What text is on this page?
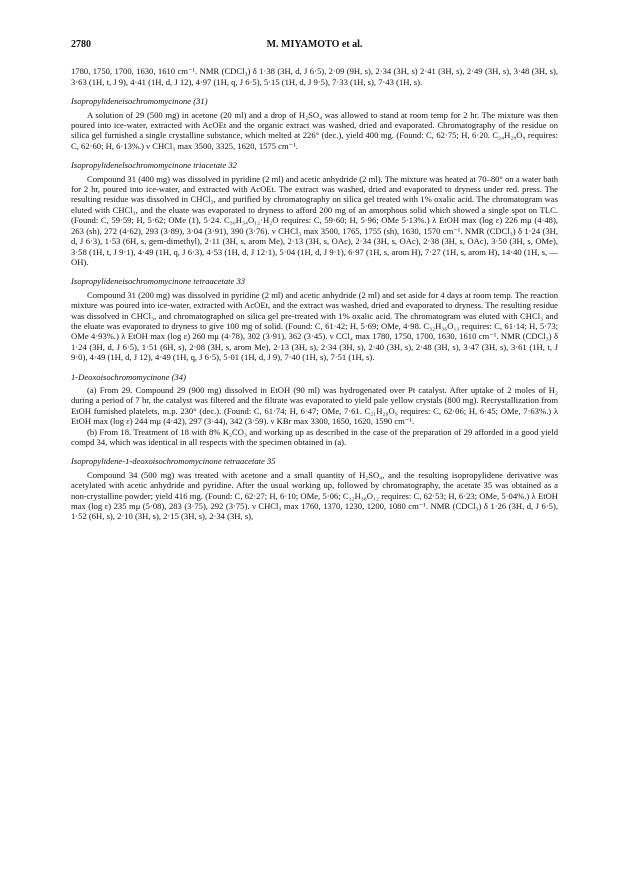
2780	M. MIYAMOTO et al.

1780, 1750, 1700, 1630, 1610 cm⁻¹. NMR (CDCl₃) δ 1·38 (3H, d, J 6·5), 2·09 (9H, s), 2·34 (3H, s) 2·41 (3H, s), 2·49 (3H, s), 3·48 (3H, s), 3·63 (1H, t, J 9), 4·41 (1H, d, J 12), 4·97 (1H, q, J 6·5), 5·15 (1H, d, J 9·5), 7·33 (1H, s), 7·43 (1H, s).

Isopropylideneisochromomycinone (31)

A solution of 29 (500 mg) in acetone (20 ml) and a drop of H₂SO₄ was allowed to stand at room temp for 2 hr. The mixture was then poured into ice-water, extracted with AcOEt and the organic extract was washed, dried and evaporated. Chromatography of the residue on silica gel furnished a single crystalline substance, which melted at 226° (dec.), yield 400 mg. (Found: C, 62·75; H, 6·20. C₂₄H₂₈O₉ requires: C, 62·60; H, 6·13%.) ν CHCl₃ max 3500, 3325, 1620, 1575 cm⁻¹.

Isopropylidenelsochromomycinone triacetate 32

Compound 31 (400 mg) was dissolved in pyridine (2 ml) and acetic anhydride (2 ml). The mixture was heated at 70–80° on a water bath for 2 hr, poured into ice-water, and extracted with AcOEt. The extract was washed, dried and evaporated to dryness under red. press. The resulting residue was dissolved in CHCl₃, and purified by chromatography on silica gel treated with 1% oxalic acid. The chromatogram was eluted with CHCl₃, and the eluate was evaporated to dryness to afford 200 mg of an amorphous solid which showed a single spot on TLC. (Found: C, 59·59; H, 5·62; OMe (1), 5·24. C₃₀H₃₄O₁₂·H₂O requires: C, 59·60; H, 5·96; OMe 5·13%.) λ EtOH max (log ε) 226 mμ (4·48), 263 (sh), 272 (4·62), 293 (3·89), 3·04 (3·91), 390 (3·76). ν CHCl₃ max 3500, 1765, 1755 (sh), 1630, 1570 cm⁻¹. NMR (CDCl₃) δ 1·24 (3H, d, J 6·3), 1·53 (6H, s, gem-dimethyl), 2·11 (3H, s, arom Me), 2·13 (3H, s, OAc), 2·34 (3H, s, OAc), 2·38 (3H, s, OAc), 3·50 (3H, s, OMe), 3·58 (1H, t, J 9·1), 4·49 (1H, q, J 6·3), 4·53 (1H, d, J 12·1), 5·04 (1H, d, J 9·1), 6·97 (1H, s, arom H), 7·27 (1H, s, arom H), 14·40 (1H, s, —OH).

Isopropylideneisochromomycinone tetraacetate 33

Compound 31 (200 mg) was dissolved in pyridine (2 ml) and acetic anhydride (2 ml) and set aside for 4 days at room temp. The reaction mixture was poured into ice-water, extracted with AcOEt, and the extract was washed, dried and evaporated to dryness. The resulting residue was dissolved in CHCl₃, and chromatographed on silica gel pre-treated with 1% oxalic acid. The chromatogram was eluted with CHCl₃ and the eluate was evaporated to dryness to give 100 mg of solid. (Found: C, 61·42; H, 5·69; OMe, 4·98. C₃₂H₃₆O₁₃ requires: C, 61·14; H, 5·73; OMe 4·93%.) λ EtOH max (log ε) 260 mμ (4·78), 302 (3·91), 362 (3·45). ν CCl₄ max 1780, 1750, 1700, 1630, 1610 cm⁻¹. NMR (CDCl₃) δ 1·24 (3H, d, J 6·5), 1·51 (6H, s), 2·08 (3H, s, arom Me), 2·13 (3H, s), 2·34 (3H, s), 2·40 (3H, s), 2·48 (3H, s), 3·47 (3H, s), 3·61 (1H, t, J 9·0), 4·49 (1H, d, J 12), 4·49 (1H, q, J 6·5), 5·01 (1H, d, J 9), 7·40 (1H, s), 7·51 (1H, s).

1-Deoxoisochromomycinone (34)

(a) From 29. Compound 29 (900 mg) dissolved in EtOH (90 ml) was hydrogenated over Pt catalyst. After uptake of 2 moles of H₂ during a period of 7 hr, the catalyst was filtered and the filtrate was evaporated to yield pale yellow crystals (800 mg). Recrystallization from EtOH furnished platelets, m.p. 230° (dec.). (Found: C, 61·74; H, 6·47; OMe, 7·61. C₂₁H₂₆O₉ requires: C, 62·06; H, 6·45; OMe, 7·63%.) λ EtOH max (log ε) 244 mμ (4·42), 297 (3·44), 342 (3·59). ν KBr max 3300, 1650, 1620, 1590 cm⁻¹.

(b) From 18. Treatment of 18 with 8% K₂CO₃ and working up as described in the case of the preparation of 29 afforded in a good yield compd 34, which was identical in all respects with the specimen obtained in (a).

Isopropylidene-1-deoxoisochromomycinone tetraacetate 35

Compound 34 (500 mg) was treated with acetone and a small quantity of H₂SO₄, and the resulting isopropylidene derivative was acetylated with acetic anhydride and pyridine. After the usual working up, followed by chromatography, the acetate 35 was obtained as a non-crystalline powder; yield 416 mg. (Found: C, 62·27; H, 6·10; OMe, 5·06; C₃₂H₃₈O₁₂ requires: C, 62·53; H, 6·23; OMe, 5·04%.) λ EtOH max (log ε) 235 mμ (5·08), 283 (3·75), 292 (3·75). ν CHCl₃ max 1760, 1370, 1230, 1200, 1080 cm⁻¹. NMR (CDCl₃) δ 1·26 (3H, d, J 6·5), 1·52 (6H, s), 2·10 (3H, s), 2·15 (3H, s), 2·34 (3H, s),
